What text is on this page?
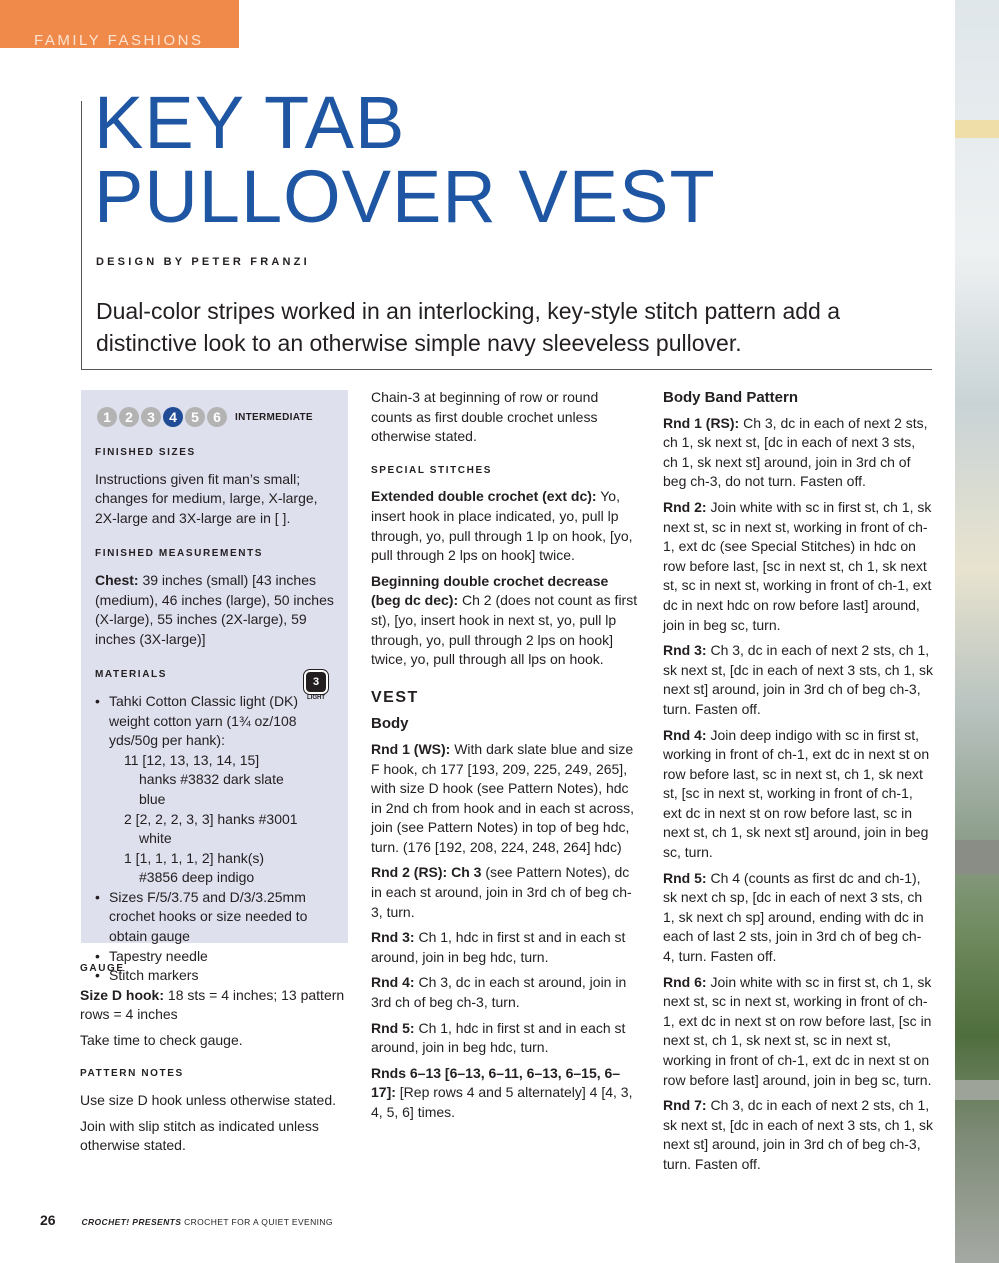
FAMILY FASHIONS
KEY TAB
PULLOVER VEST
DESIGN BY PETER FRANZI
Dual-color stripes worked in an interlocking, key-style stitch pattern add a distinctive look to an otherwise simple navy sleeveless pullover.
1	2	3	4	5	6	INTERMEDIATE
FINISHED SIZES

Instructions given fit man’s small; changes for medium, large, X-large, 2X-large and 3X-large are in [ ].

FINISHED MEASUREMENTS

Chest: 39 inches (small) [43 inches (medium), 46 inches (large), 50 inches (X-large), 55 inches (2X-large), 59 inches (3X-large)]

MATERIALS
• Tahki Cotton Classic light (DK) weight cotton yarn (1¾ oz/108 yds/50g per hank):
11 [12, 13, 13, 14, 15] hanks #3832 dark slate blue
2 [2, 2, 2, 3, 3] hanks #3001 white
1 [1, 1, 1, 1, 2] hank(s) #3856 deep indigo
• Sizes F/5/3.75 and D/3/3.25mm crochet hooks or size needed to obtain gauge
• Tapestry needle
• Stitch markers
3
LIGHT
GAUGE

Size D hook: 18 sts = 4 inches; 13 pattern rows = 4 inches

Take time to check gauge.

PATTERN NOTES

Use size D hook unless otherwise stated.

Join with slip stitch as indicated unless otherwise stated.

Chain-3 at beginning of row or round counts as first double crochet unless otherwise stated.

SPECIAL STITCHES

Extended double crochet (ext dc): Yo, insert hook in place indicated, yo, pull lp through, yo, pull through 1 lp on hook, [yo, pull through 2 lps on hook] twice.

Beginning double crochet decrease (beg dc dec): Ch 2 (does not count as first st), [yo, insert hook in next st, yo, pull lp through, yo, pull through 2 lps on hook] twice, yo, pull through all lps on hook.

VEST
Body

Rnd 1 (WS): With dark slate blue and size F hook, ch 177 [193, 209, 225, 249, 265], with size D hook (see Pattern Notes), hdc in 2nd ch from hook and in each st across, join (see Pattern Notes) in top of beg hdc, turn. (176 [192, 208, 224, 248, 264] hdc)

Rnd 2 (RS): Ch 3 (see Pattern Notes), dc in each st around, join in 3rd ch of beg ch-3, turn.

Rnd 3: Ch 1, hdc in first st and in each st around, join in beg hdc, turn.

Rnd 4: Ch 3, dc in each st around, join in 3rd ch of beg ch-3, turn.

Rnd 5: Ch 1, hdc in first st and in each st around, join in beg hdc, turn.

Rnds 6–13 [6–13, 6–11, 6–13, 6–15, 6–17]: [Rep rows 4 and 5 alternately] 4 [4, 3, 4, 5, 6] times.

Body Band Pattern

Rnd 1 (RS): Ch 3, dc in each of next 2 sts, ch 1, sk next st, [dc in each of next 3 sts, ch 1, sk next st] around, join in 3rd ch of beg ch-3, do not turn. Fasten off.

Rnd 2: Join white with sc in first st, ch 1, sk next st, sc in next st, working in front of ch-1, ext dc (see Special Stitches) in hdc on row before last, [sc in next st, ch 1, sk next st, sc in next st, working in front of ch-1, ext dc in next hdc on row before last] around, join in beg sc, turn.

Rnd 3: Ch 3, dc in each of next 2 sts, ch 1, sk next st, [dc in each of next 3 sts, ch 1, sk next st] around, join in 3rd ch of beg ch-3, turn. Fasten off.

Rnd 4: Join deep indigo with sc in first st, working in front of ch-1, ext dc in next st on row before last, sc in next st, ch 1, sk next st, [sc in next st, working in front of ch-1, ext dc in next st on row before last, sc in next st, ch 1, sk next st] around, join in beg sc, turn.

Rnd 5: Ch 4 (counts as first dc and ch-1), sk next ch sp, [dc in each of next 3 sts, ch 1, sk next ch sp] around, ending with dc in each of last 2 sts, join in 3rd ch of beg ch-4, turn. Fasten off.

Rnd 6: Join white with sc in first st, ch 1, sk next st, sc in next st, working in front of ch-1, ext dc in next st on row before last, [sc in next st, ch 1, sk next st, sc in next st, working in front of ch-1, ext dc in next st on row before last] around, join in beg sc, turn.

Rnd 7: Ch 3, dc in each of next 2 sts, ch 1, sk next st, [dc in each of next 3 sts, ch 1, sk next st] around, join in 3rd ch of beg ch-3, turn. Fasten off.

26	CROCHET! PRESENTS CROCHET FOR A QUIET EVENING
